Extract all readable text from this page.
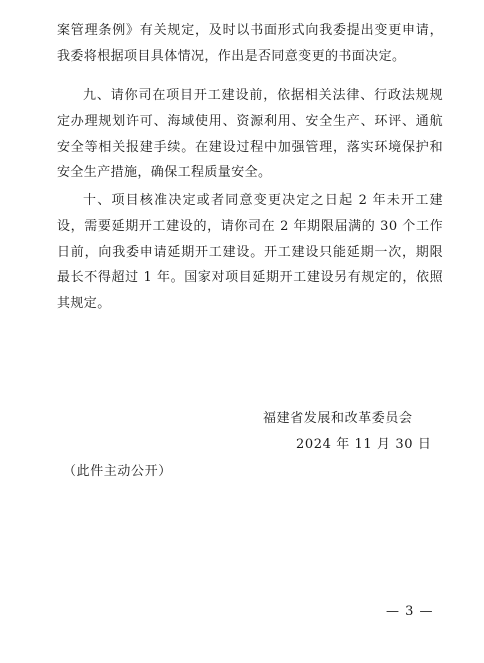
案管理条例》有关规定，及时以书面形式向我委提出变更申请，我委将根据项目具体情况，作出是否同意变更的书面决定。

九、请你司在项目开工建设前，依据相关法律、行政法规规定办理规划许可、海域使用、资源利用、安全生产、环评、通航安全等相关报建手续。在建设过程中加强管理，落实环境保护和安全生产措施，确保工程质量安全。

十、项目核准决定或者同意变更决定之日起 2 年未开工建设，需要延期开工建设的，请你司在 2 年期限届满的 30 个工作日前，向我委申请延期开工建设。开工建设只能延期一次，期限最长不得超过 1 年。国家对项目延期开工建设另有规定的，依照其规定。

福建省发展和改革委员会
2024 年 11 月 30 日
（此件主动公开）
— 3 —
